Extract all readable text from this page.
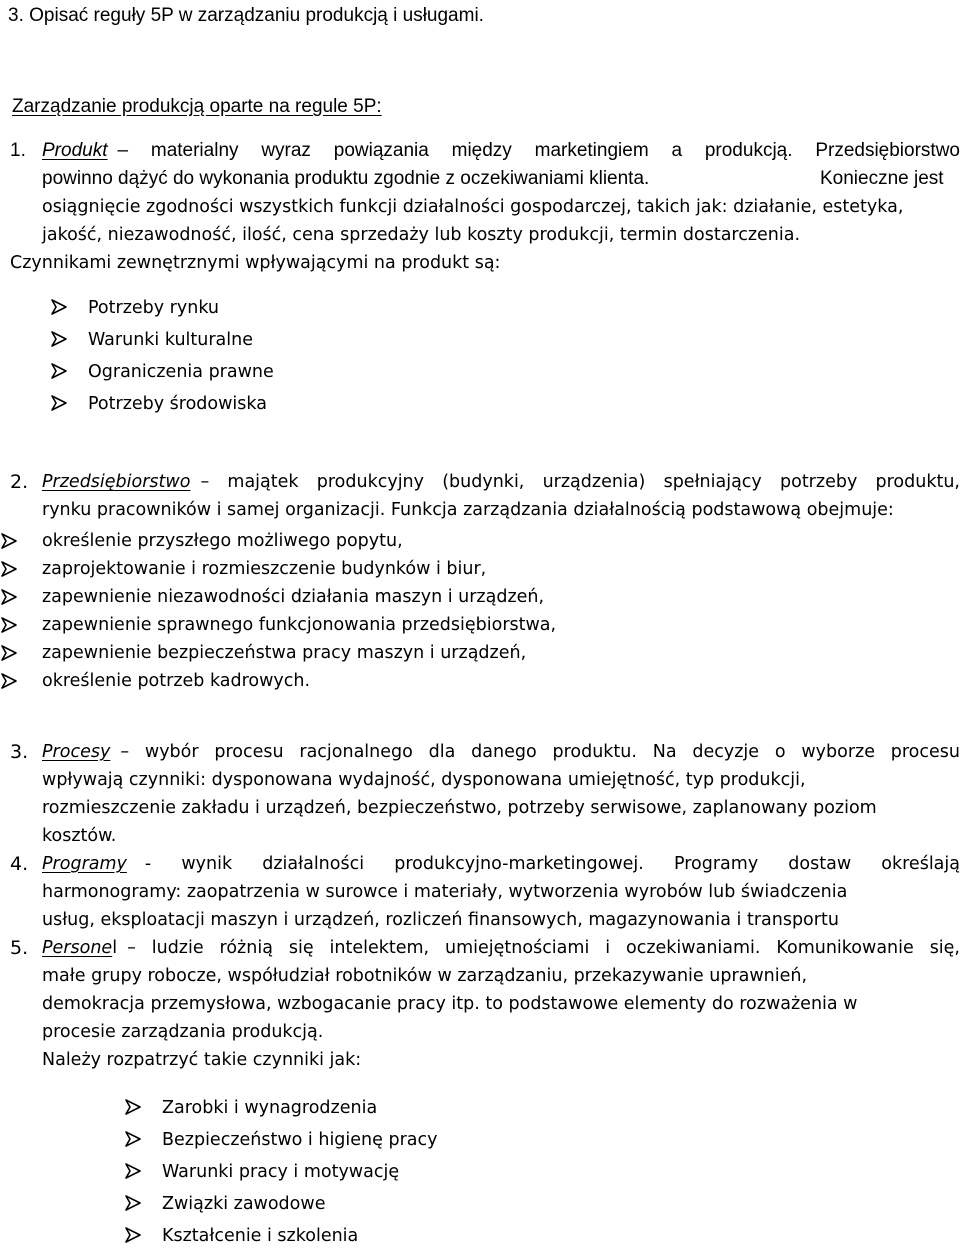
3. Opisać reguły 5P w zarządzaniu produkcją i usługami.
Zarządzanie produkcją oparte na regule 5P:
1. Produkt – materialny wyraz powiązania między marketingiem a produkcją. Przedsiębiorstwo
powinno dążyć do wykonania produktu zgodnie z oczekiwaniami klienta.	Konieczne jest
osiągnięcie zgodności wszystkich funkcji działalności gospodarczej, takich jak: działanie, estetyka,
jakość, niezawodność, ilość, cena sprzedaży lub koszty produkcji, termin dostarczenia.
Czynnikami zewnętrznymi wpływającymi na produkt są:
Potrzeby rynku
Warunki kulturalne
Ograniczenia prawne
Potrzeby środowiska
2. Przedsiębiorstwo – majątek produkcyjny (budynki, urządzenia) spełniający potrzeby produktu,
rynku pracowników i samej organizacji. Funkcja zarządzania działalnością podstawową obejmuje:
określenie przyszłego możliwego popytu,
zaprojektowanie i rozmieszczenie budynków i biur,
zapewnienie niezawodności działania maszyn i urządzeń,
zapewnienie sprawnego funkcjonowania przedsiębiorstwa,
zapewnienie bezpieczeństwa pracy maszyn i urządzeń,
określenie potrzeb kadrowych.
3. Procesy – wybór procesu racjonalnego dla danego produktu. Na decyzje o wyborze procesu
wpływają czynniki: dysponowana wydajność, dysponowana umiejętność, typ produkcji,
rozmieszczenie zakładu i urządzeń, bezpieczeństwo, potrzeby serwisowe, zaplanowany poziom
kosztów.
4. Programy - wynik działalności produkcyjno-marketingowej. Programy dostaw określają
harmonogramy: zaopatrzenia w surowce i materiały, wytworzenia wyrobów lub świadczenia
usług, eksploatacji maszyn i urządzeń, rozliczeń finansowych, magazynowania i transportu
5. Personel – ludzie różnią się intelektem, umiejętnościami i oczekiwaniami. Komunikowanie się,
małe grupy robocze, współudział robotników w zarządzaniu, przekazywanie uprawnień,
demokracja przemysłowa, wzbogacanie pracy itp. to podstawowe elementy do rozważenia w
procesie zarządzania produkcją.
Należy rozpatrzyć takie czynniki jak:
Zarobki i wynagrodzenia
Bezpieczeństwo i higienę pracy
Warunki pracy i motywację
Związki zawodowe
Kształcenie i szkolenia
